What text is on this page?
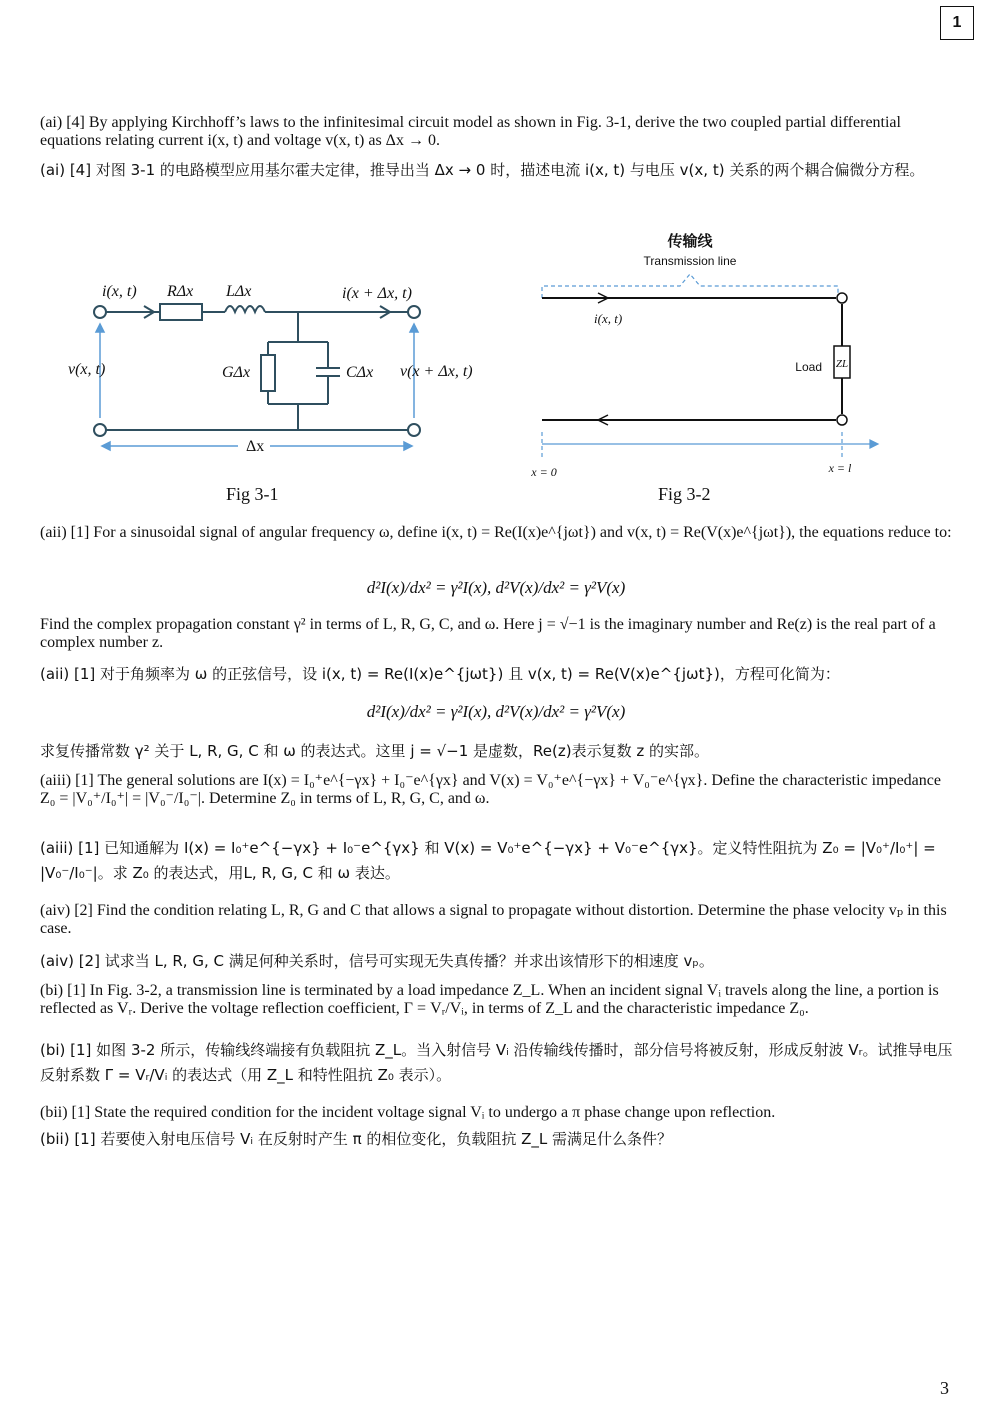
1
(ai) [4] By applying Kirchhoff’s laws to the infinitesimal circuit model as shown in Fig. 3-1, derive the two coupled partial differential equations relating current i(x, t) and voltage v(x, t) as Δx → 0.
(ai) [4] 对图 3-1 的电路模型应用基尔霍夫定律，推导出当 Δx → 0 时，描述电流 i(x, t) 与电压 v(x, t) 关系的两个耦合偏微分方程。
i(x, t) RΔx LΔx	i(x + Δx, t)
v(x, t)	GΔx	CΔx v(x + Δx, t)
Δx
传输线
Transmission line
i(x, t)
Load ZL
x = 0	x = l
Fig 3-1	Fig 3-2
(aii) [1] For a sinusoidal signal of angular frequency ω, define i(x, t) = Re(I(x)e^{jωt}) and v(x, t) = Re(V(x)e^{jωt}), the equations reduce to:
d²I(x)/dx² = γ²I(x), d²V(x)/dx² = γ²V(x)
Find the complex propagation constant γ² in terms of L, R, G, C, and ω. Here j = √−1 is the imaginary number and Re(z) is the real part of a complex number z.
(aii) [1] 对于角频率为 ω 的正弦信号，设 i(x, t) = Re(I(x)e^{jωt}) 且 v(x, t) = Re(V(x)e^{jωt})，方程可化简为：
d²I(x)/dx² = γ²I(x), d²V(x)/dx² = γ²V(x)
求复传播常数 γ² 关于 L, R, G, C 和 ω 的表达式。这里 j = √−1 是虚数，Re(z)表示复数 z 的实部。
(aiii) [1] The general solutions are I(x) = I₀⁺e^{−γx} + I₀⁻e^{γx} and V(x) = V₀⁺e^{−γx} + V₀⁻e^{γx}. Define the characteristic impedance Z₀ = |V₀⁺/I₀⁺| = |V₀⁻/I₀⁻|. Determine Z₀ in terms of L, R, G, C, and ω.
(aiii) [1] 已知通解为 I(x) = I₀⁺e^{−γx} + I₀⁻e^{γx} 和 V(x) = V₀⁺e^{−γx} + V₀⁻e^{γx}。定义特性阻抗为 Z₀ = |V₀⁺/I₀⁺| = |V₀⁻/I₀⁻|。求 Z₀ 的表达式，用L, R, G, C 和 ω 表达。
(aiv) [2] Find the condition relating L, R, G and C that allows a signal to propagate without distortion. Determine the phase velocity vₚ in this case.
(aiv) [2] 试求当 L, R, G, C 满足何种关系时，信号可实现无失真传播？并求出该情形下的相速度 vₚ。
(bi) [1] In Fig. 3-2, a transmission line is terminated by a load impedance Z_L. When an incident signal Vᵢ travels along the line, a portion is reflected as Vᵣ. Derive the voltage reflection coefficient, Γ = Vᵣ/Vᵢ, in terms of Z_L and the characteristic impedance Z₀.
(bi) [1] 如图 3-2 所示，传输线终端接有负载阻抗 Z_L。当入射信号 Vᵢ 沿传输线传播时，部分信号将被反射，形成反射波 Vᵣ。试推导电压反射系数 Γ = Vᵣ/Vᵢ 的表达式（用 Z_L 和特性阻抗 Z₀ 表示）。
(bii) [1] State the required condition for the incident voltage signal Vᵢ to undergo a π phase change upon reflection.
(bii) [1] 若要使入射电压信号 Vᵢ 在反射时产生 π 的相位变化，负载阻抗 Z_L 需满足什么条件？
3
